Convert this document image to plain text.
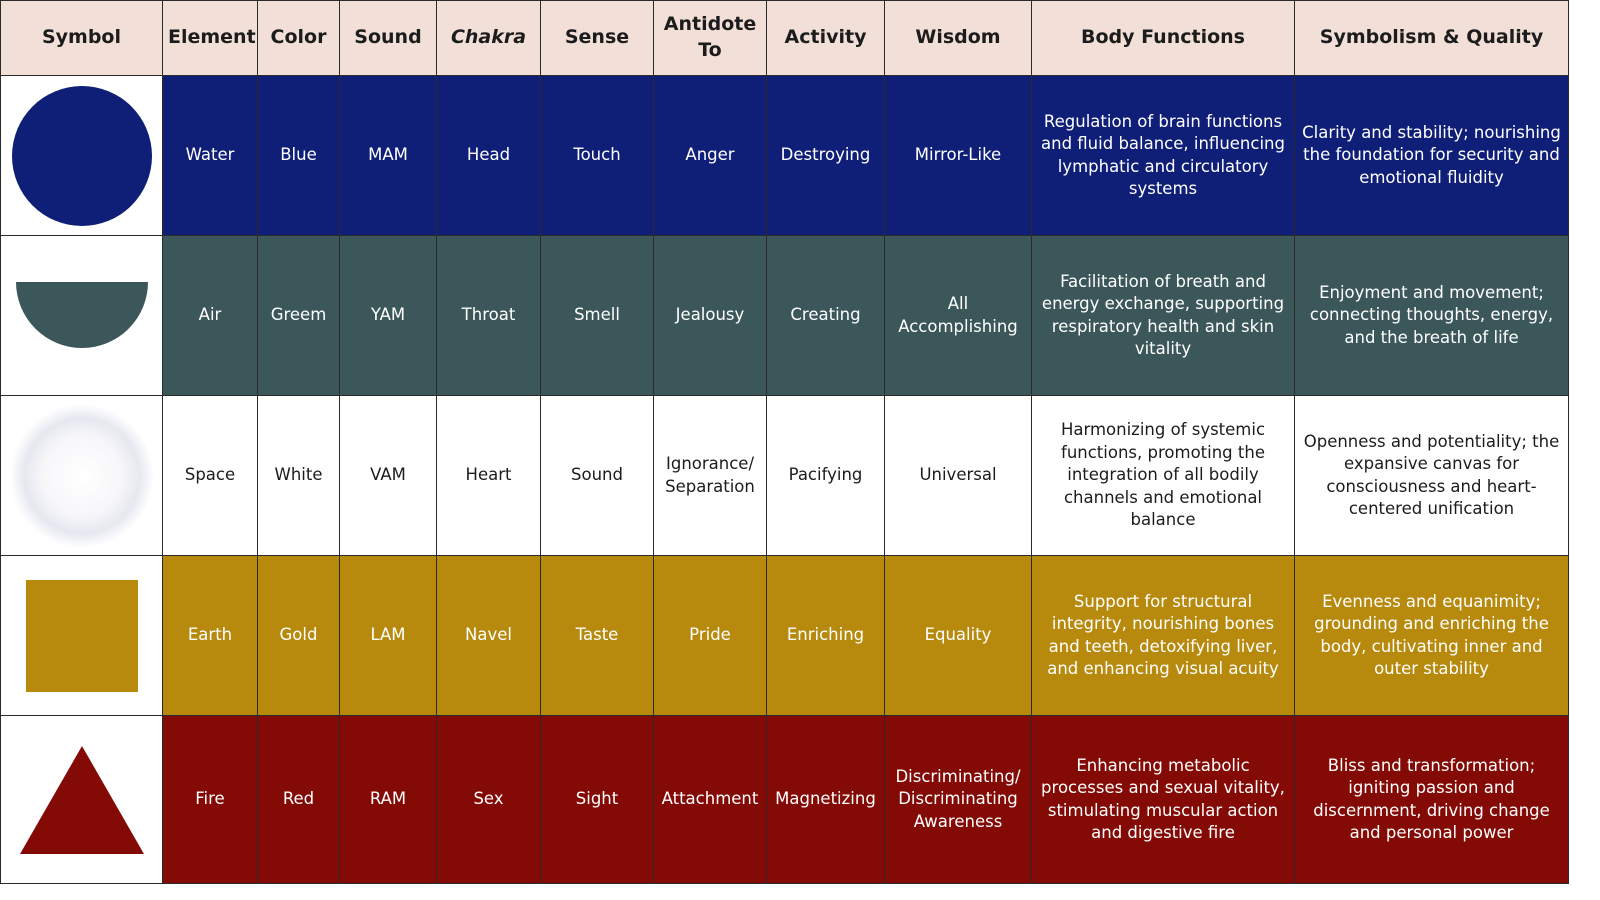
Symbol	Element	Color	Sound	Chakra	Sense	Antidote To	Activity	Wisdom	Body Functions	Symbolism & Quality

	Water	Blue	MAM	Head	Touch	Anger	Destroying	Mirror-Like	Regulation of brain functions and fluid balance, influencing lymphatic and circulatory systems	Clarity and stability; nourishing the foundation for security and emotional fluidity

	Air	Greem	YAM	Throat	Smell	Jealousy	Creating	All Accomplishing	Facilitation of breath and energy exchange, supporting respiratory health and skin vitality	Enjoyment and movement; connecting thoughts, energy, and the breath of life

	Space	White	VAM	Heart	Sound	Ignorance/ Separation	Pacifying	Universal	Harmonizing of systemic functions, promoting the integration of all bodily channels and emotional balance	Openness and potentiality; the expansive canvas for consciousness and heart-centered unification

	Earth	Gold	LAM	Navel	Taste	Pride	Enriching	Equality	Support for structural integrity, nourishing bones and teeth, detoxifying liver, and enhancing visual acuity	Evenness and equanimity; grounding and enriching the body, cultivating inner and outer stability

	Fire	Red	RAM	Sex	Sight	Attachment	Magnetizing	Discriminating/ Discriminating Awareness	Enhancing metabolic processes and sexual vitality, stimulating muscular action and digestive fire	Bliss and transformation; igniting passion and discernment, driving change and personal power
